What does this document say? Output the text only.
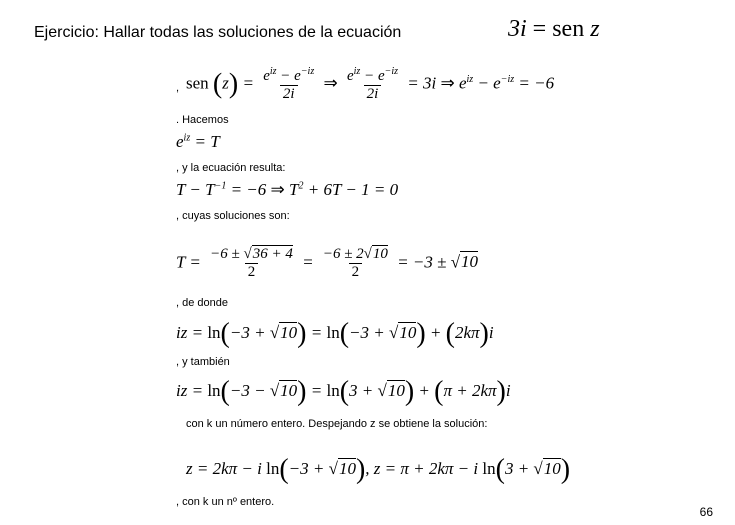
Ejercicio: Hallar todas las soluciones de la ecuación	3i = sen z
, sen $(z) = \frac{e^{iz} - e^{-iz}}{2i}$ ⇒ $\frac{e^{iz} - e^{-iz}}{2i} = 3i$ ⇒ $e^{iz} - e^{-iz} = -6$
. Hacemos
$e^{iz} = T$
, y la ecuación resulta:
$T - T^{-1} = -6$ ⇒ $T^2 + 6T - 1 = 0$
, cuyas soluciones son:
$T = \frac{-6 \pm √36 + 4}{2} = \frac{-6 \pm 2√10}{2} = -3 \pm √10$
, de donde
iz = ln(−3 + √10) = ln(−3 + √10) + (2kπ)i
, y también
iz = ln(−3 − √10) = ln(3 + √10) + (π + 2kπ)i
con k un número entero. Despejando z se obtiene la solución:
z = 2kπ − i ln(−3 + √10), z = π + 2kπ − i ln(3 + √10)
, con k un nº entero.
66
